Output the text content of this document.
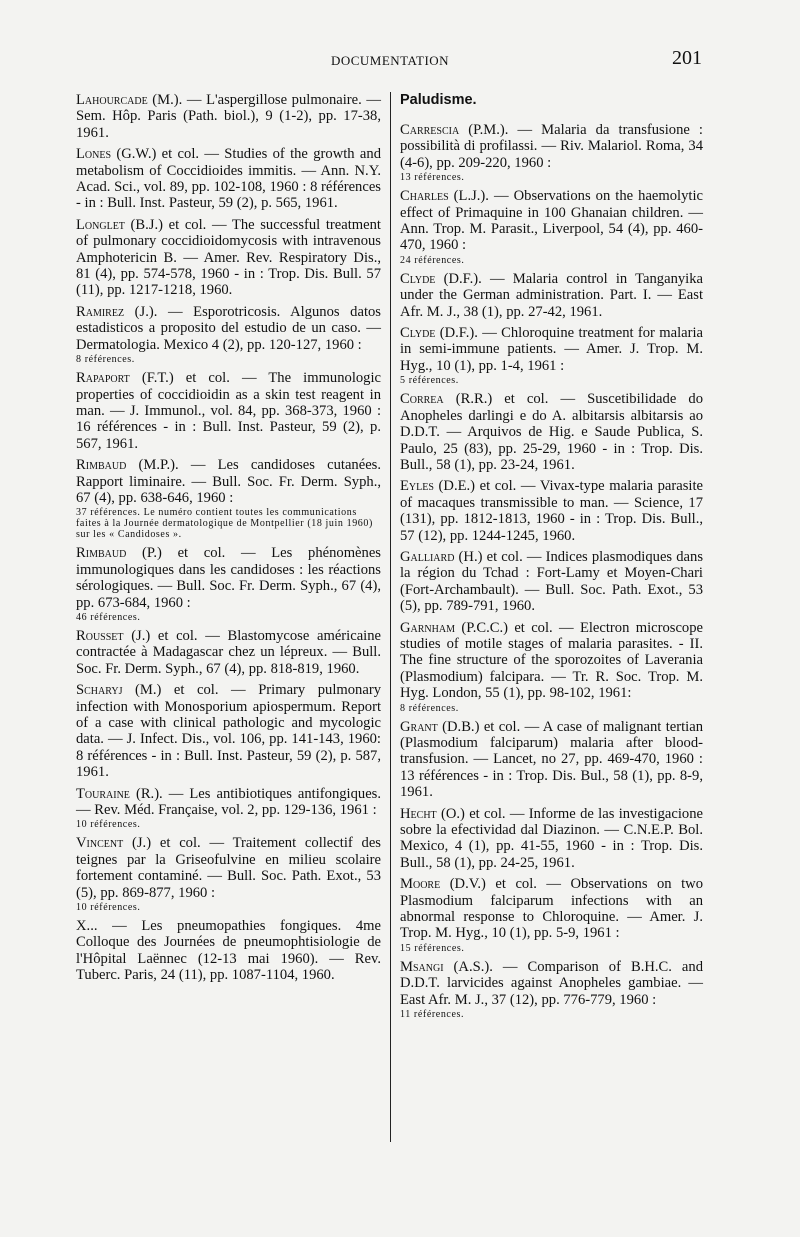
DOCUMENTATION	201
Lahourcade (M.). — L'aspergillose pulmonaire. — Sem. Hôp. Paris (Path. biol.), 9 (1-2), pp. 17-38, 1961.
Lones (G.W.) et col. — Studies of the growth and metabolism of Coccidioides immitis. — Ann. N.Y. Acad. Sci., vol. 89, pp. 102-108, 1960 : 8 références - in : Bull. Inst. Pasteur, 59 (2), p. 565, 1961.
Longlet (B.J.) et col. — The successful treatment of pulmonary coccidioidomycosis with intravenous Amphotericin B. — Amer. Rev. Respiratory Dis., 81 (4), pp. 574-578, 1960 - in : Trop. Dis. Bull. 57 (11), pp. 1217-1218, 1960.
Ramirez (J.). — Esporotricosis. Algunos datos estadisticos a proposito del estudio de un caso. — Dermatologia. Mexico 4 (2), pp. 120-127, 1960 :
8 références.
Rapaport (F.T.) et col. — The immunologic properties of coccidioidin as a skin test reagent in man. — J. Immunol., vol. 84, pp. 368-373, 1960 : 16 références - in : Bull. Inst. Pasteur, 59 (2), p. 567, 1961.
Rimbaud (M.P.). — Les candidoses cutanées. Rapport liminaire. — Bull. Soc. Fr. Derm. Syph., 67 (4), pp. 638-646, 1960 :
37 références. Le numéro contient toutes les communications faites à la Journée dermatologique de Montpellier (18 juin 1960) sur les « Candidoses ».
Rimbaud (P.) et col. — Les phénomènes immunologiques dans les candidoses : les réactions sérologiques. — Bull. Soc. Fr. Derm. Syph., 67 (4), pp. 673-684, 1960 :
46 références.
Rousset (J.) et col. — Blastomycose américaine contractée à Madagascar chez un lépreux. — Bull. Soc. Fr. Derm. Syph., 67 (4), pp. 818-819, 1960.
Scharyj (M.) et col. — Primary pulmonary infection with Monosporium apiospermum. Report of a case with clinical pathologic and mycologic data. — J. Infect. Dis., vol. 106, pp. 141-143, 1960: 8 références - in : Bull. Inst. Pasteur, 59 (2), p. 587, 1961.
Touraine (R.). — Les antibiotiques antifongiques. — Rev. Méd. Française, vol. 2, pp. 129-136, 1961 :
10 références.
Vincent (J.) et col. — Traitement collectif des teignes par la Griseofulvine en milieu scolaire fortement contaminé. — Bull. Soc. Path. Exot., 53 (5), pp. 869-877, 1960 :
10 références.
X... — Les pneumopathies fongiques. 4me Colloque des Journées de pneumophtisiologie de l'Hôpital Laënnec (12-13 mai 1960). — Rev. Tuberc. Paris, 24 (11), pp. 1087-1104, 1960.
Paludisme.
Carrescia (P.M.). — Malaria da transfusione : possibilità di profilassi. — Riv. Malariol. Roma, 34 (4-6), pp. 209-220, 1960 :
13 références.
Charles (L.J.). — Observations on the haemolytic effect of Primaquine in 100 Ghanaian children. — Ann. Trop. M. Parasit., Liverpool, 54 (4), pp. 460-470, 1960 :
24 références.
Clyde (D.F.). — Malaria control in Tanganyika under the German administration. Part. I. — East Afr. M. J., 38 (1), pp. 27-42, 1961.
Clyde (D.F.). — Chloroquine treatment for malaria in semi-immune patients. — Amer. J. Trop. M. Hyg., 10 (1), pp. 1-4, 1961 :
5 références.
Correa (R.R.) et col. — Suscetibilidade do Anopheles darlingi e do A. albitarsis albitarsis ao D.D.T. — Arquivos de Hig. e Saude Publica, S. Paulo, 25 (83), pp. 25-29, 1960 - in : Trop. Dis. Bull., 58 (1), pp. 23-24, 1961.
Eyles (D.E.) et col. — Vivax-type malaria parasite of macaques transmissible to man. — Science, 17 (131), pp. 1812-1813, 1960 - in : Trop. Dis. Bull., 57 (12), pp. 1244-1245, 1960.
Galliard (H.) et col. — Indices plasmodiques dans la région du Tchad : Fort-Lamy et Moyen-Chari (Fort-Archambault). — Bull. Soc. Path. Exot., 53 (5), pp. 789-791, 1960.
Garnham (P.C.C.) et col. — Electron microscope studies of motile stages of malaria parasites. - II. The fine structure of the sporozoites of Laverania (Plasmodium) falcipara. — Tr. R. Soc. Trop. M. Hyg. London, 55 (1), pp. 98-102, 1961:
8 références.
Grant (D.B.) et col. — A case of malignant tertian (Plasmodium falciparum) malaria after blood-transfusion. — Lancet, no 27, pp. 469-470, 1960 : 13 références - in : Trop. Dis. Bul., 58 (1), pp. 8-9, 1961.
Hecht (O.) et col. — Informe de las investigacione sobre la efectividad dal Diazinon. — C.N.E.P. Bol. Mexico, 4 (1), pp. 41-55, 1960 - in : Trop. Dis. Bull., 58 (1), pp. 24-25, 1961.
Moore (D.V.) et col. — Observations on two Plasmodium falciparum infections with an abnormal response to Chloroquine. — Amer. J. Trop. M. Hyg., 10 (1), pp. 5-9, 1961 :
15 références.
Msangi (A.S.). — Comparison of B.H.C. and D.D.T. larvicides against Anopheles gambiae. — East Afr. M. J., 37 (12), pp. 776-779, 1960 :
11 références.
